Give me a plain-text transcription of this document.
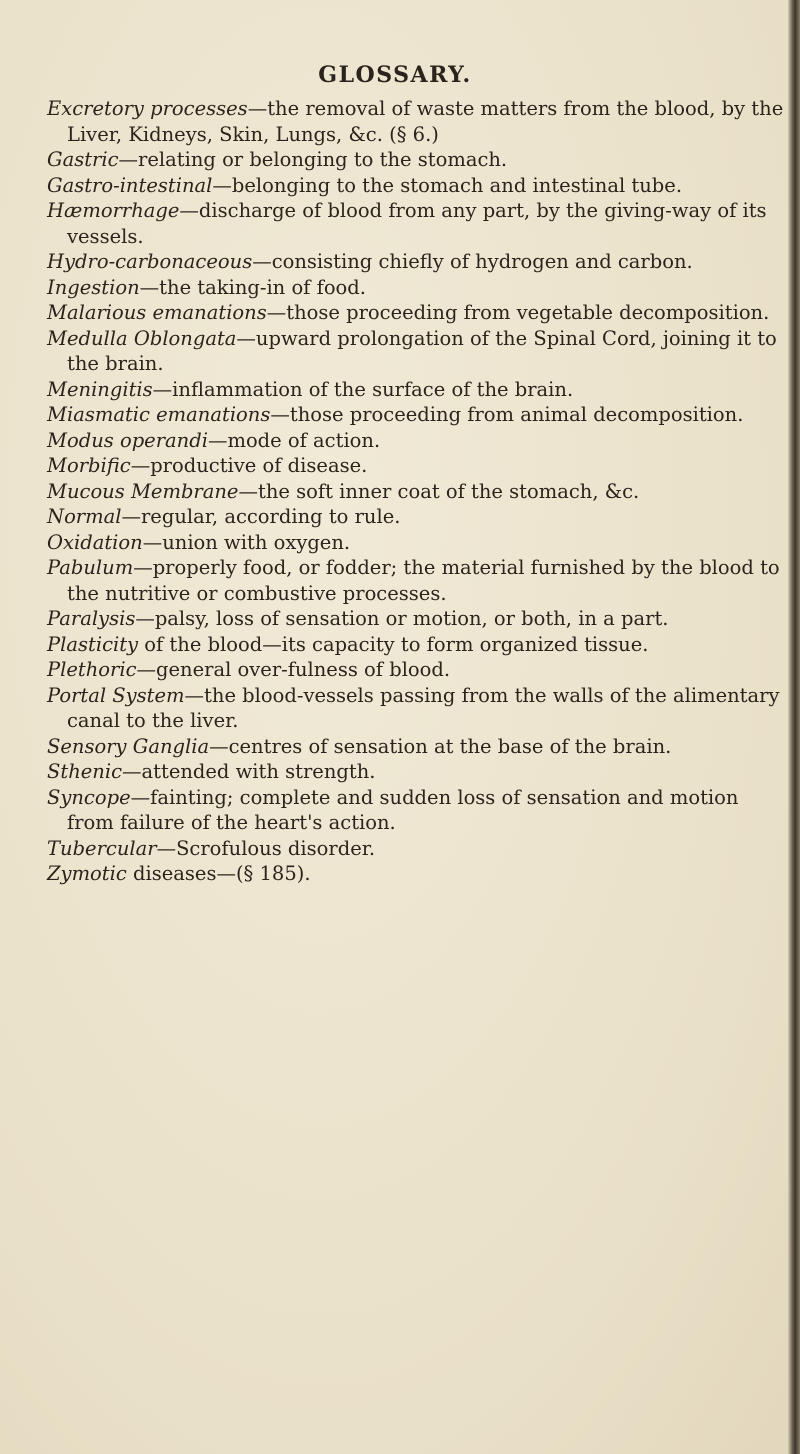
GLOSSARY.
Excretory processes—the removal of waste matters from the blood, by the Liver, Kidneys, Skin, Lungs, &c. (§ 6.)
Gastric—relating or belonging to the stomach.
Gastro-intestinal—belonging to the stomach and intestinal tube.
Hæmorrhage—discharge of blood from any part, by the giving-way of its vessels.
Hydro-carbonaceous—consisting chiefly of hydrogen and carbon.
Ingestion—the taking-in of food.
Malarious emanations—those proceeding from vegetable decomposition.
Medulla Oblongata—upward prolongation of the Spinal Cord, joining it to the brain.
Meningitis—inflammation of the surface of the brain.
Miasmatic emanations—those proceeding from animal decomposition.
Modus operandi—mode of action.
Morbific—productive of disease.
Mucous Membrane—the soft inner coat of the stomach, &c.
Normal—regular, according to rule.
Oxidation—union with oxygen.
Pabulum—properly food, or fodder; the material furnished by the blood to the nutritive or combustive processes.
Paralysis—palsy, loss of sensation or motion, or both, in a part.
Plasticity of the blood—its capacity to form organized tissue.
Plethoric—general over-fulness of blood.
Portal System—the blood-vessels passing from the walls of the alimentary canal to the liver.
Sensory Ganglia—centres of sensation at the base of the brain.
Sthenic—attended with strength.
Syncope—fainting; complete and sudden loss of sensation and motion from failure of the heart's action.
Tubercular—Scrofulous disorder.
Zymotic diseases—(§ 185).
